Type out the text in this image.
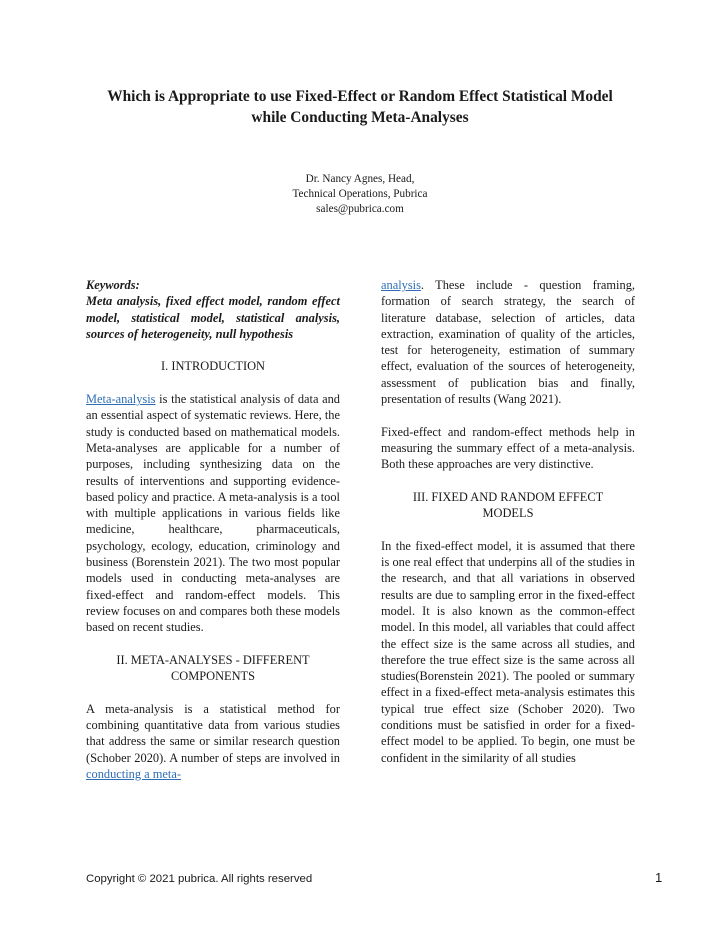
Which is Appropriate to use Fixed-Effect or Random Effect Statistical Model
while Conducting Meta-Analyses
Dr. Nancy Agnes, Head,
Technical Operations, Pubrica
sales@pubrica.com

Keywords:

Meta analysis, fixed effect model, random effect model, statistical model, statistical analysis, sources of heterogeneity, null hypothesis

I. INTRODUCTION

Meta-analysis is the statistical analysis of data and an essential aspect of systematic reviews. Here, the study is conducted based on mathematical models. Meta-analyses are applicable for a number of purposes, including synthesizing data on the results of interventions and supporting evidence-based policy and practice. A meta-analysis is a tool with multiple applications in various fields like medicine, healthcare, pharmaceuticals, psychology, ecology, education, criminology and business (Borenstein 2021). The two most popular models used in conducting meta-analyses are fixed-effect and random-effect models. This review focuses on and compares both these models based on recent studies.

II. META-ANALYSES - DIFFERENT
COMPONENTS

A meta-analysis is a statistical method for combining quantitative data from various studies that address the same or similar research question (Schober 2020). A number of steps are involved in conducting a meta-

analysis. These include - question framing, formation of search strategy, the search of literature database, selection of articles, data extraction, examination of quality of the articles, test for heterogeneity, estimation of summary effect, evaluation of the sources of heterogeneity, assessment of publication bias and finally, presentation of results (Wang 2021).

Fixed-effect and random-effect methods help in measuring the summary effect of a meta-analysis. Both these approaches are very distinctive.

III. FIXED AND RANDOM EFFECT
MODELS

In the fixed-effect model, it is assumed that there is one real effect that underpins all of the studies in the research, and that all variations in observed results are due to sampling error in the fixed-effect model. It is also known as the common-effect model. In this model, all variables that could affect the effect size is the same across all studies, and therefore the true effect size is the same across all studies(Borenstein 2021). The pooled or summary effect in a fixed-effect meta-analysis estimates this typical true effect size (Schober 2020). Two conditions must be satisfied in order for a fixed-effect model to be applied. To begin, one must be confident in the similarity of all studies

Copyright © 2021 pubrica. All rights reserved	1
